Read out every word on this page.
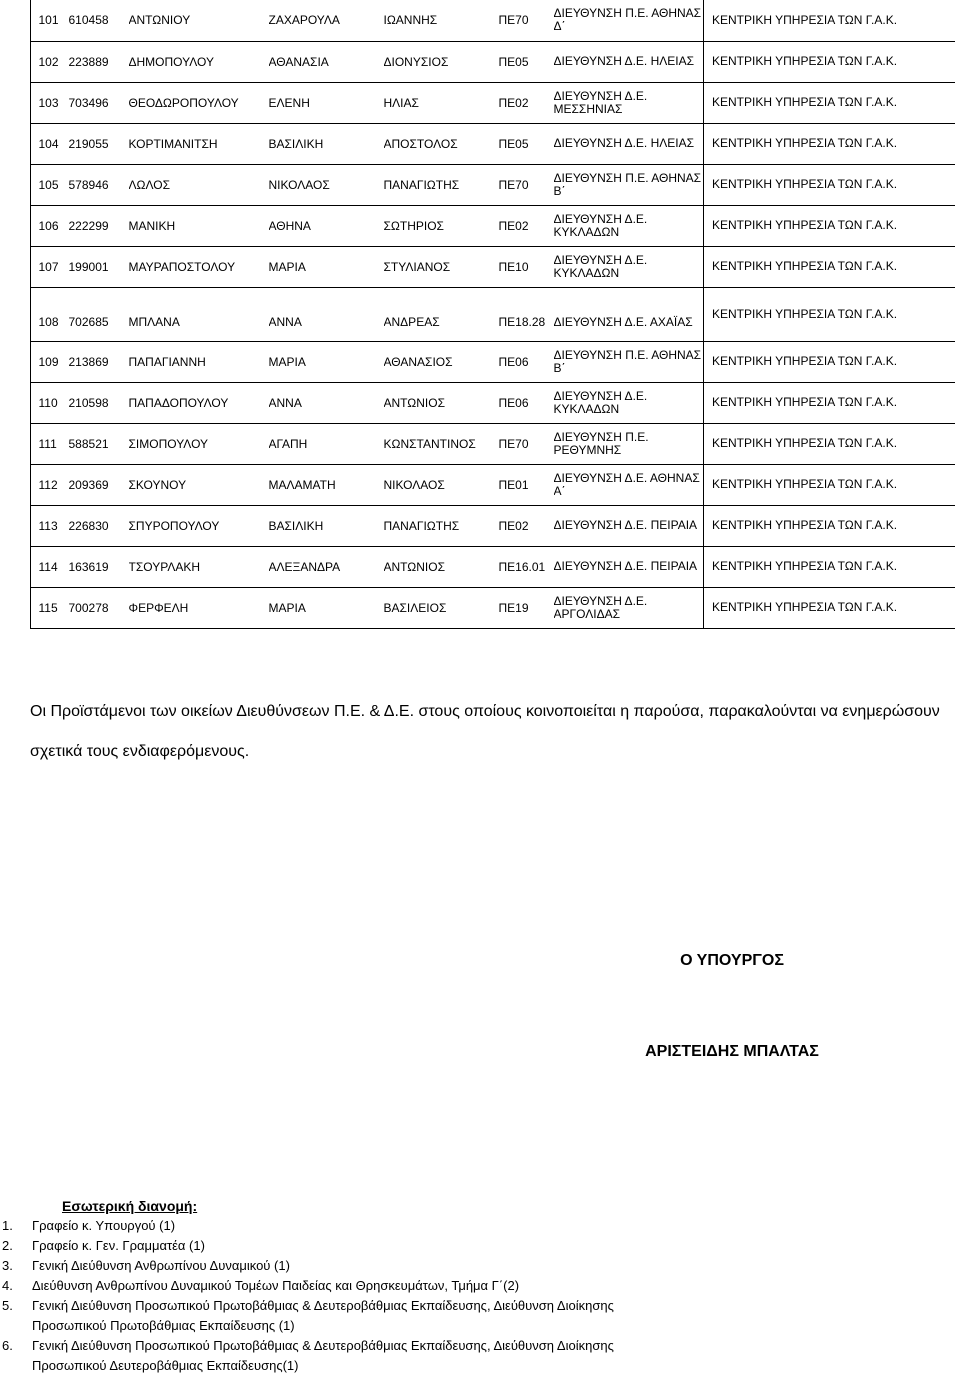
	101	610458	ΑΝΤΩΝΙΟΥ	ΖΑΧΑΡΟΥΛΑ	ΙΩΑΝΝΗΣ	ΠΕ70	ΔΙΕΥΘΥΝΣΗ Π.Ε. ΑΘΗΝΑΣ Δ΄	ΚΕΝΤΡΙΚΗ ΥΠΗΡΕΣΙΑ ΤΩΝ Γ.Α.Κ.
	102	223889	ΔΗΜΟΠΟΥΛΟΥ	ΑΘΑΝΑΣΙΑ	ΔΙΟΝΥΣΙΟΣ	ΠΕ05	ΔΙΕΥΘΥΝΣΗ Δ.Ε. ΗΛΕΙΑΣ	ΚΕΝΤΡΙΚΗ ΥΠΗΡΕΣΙΑ ΤΩΝ Γ.Α.Κ.
	103	703496	ΘΕΟΔΩΡΟΠΟΥΛΟΥ	ΕΛΕΝΗ	ΗΛΙΑΣ	ΠΕ02	ΔΙΕΥΘΥΝΣΗ Δ.Ε. ΜΕΣΣΗΝΙΑΣ	ΚΕΝΤΡΙΚΗ ΥΠΗΡΕΣΙΑ ΤΩΝ Γ.Α.Κ.
	104	219055	ΚΟΡΤΙΜΑΝΙΤΣΗ	ΒΑΣΙΛΙΚΗ	ΑΠΟΣΤΟΛΟΣ	ΠΕ05	ΔΙΕΥΘΥΝΣΗ Δ.Ε. ΗΛΕΙΑΣ	ΚΕΝΤΡΙΚΗ ΥΠΗΡΕΣΙΑ ΤΩΝ Γ.Α.Κ.
	105	578946	ΛΩΛΟΣ	ΝΙΚΟΛΑΟΣ	ΠΑΝΑΓΙΩΤΗΣ	ΠΕ70	ΔΙΕΥΘΥΝΣΗ Π.Ε. ΑΘΗΝΑΣ Β΄	ΚΕΝΤΡΙΚΗ ΥΠΗΡΕΣΙΑ ΤΩΝ Γ.Α.Κ.
	106	222299	ΜΑΝΙΚΗ	ΑΘΗΝΑ	ΣΩΤΗΡΙΟΣ	ΠΕ02	ΔΙΕΥΘΥΝΣΗ Δ.Ε. ΚΥΚΛΑΔΩΝ	ΚΕΝΤΡΙΚΗ ΥΠΗΡΕΣΙΑ ΤΩΝ Γ.Α.Κ.
	107	199001	ΜΑΥΡΑΠΟΣΤΟΛΟΥ	ΜΑΡΙΑ	ΣΤΥΛΙΑΝΟΣ	ΠΕ10	ΔΙΕΥΘΥΝΣΗ Δ.Ε. ΚΥΚΛΑΔΩΝ	ΚΕΝΤΡΙΚΗ ΥΠΗΡΕΣΙΑ ΤΩΝ Γ.Α.Κ.
	108	702685	ΜΠΛΑΝΑ	ΑΝΝΑ	ΑΝΔΡΕΑΣ	ΠΕ18.28	ΔΙΕΥΘΥΝΣΗ Δ.Ε. ΑΧΑΪΑΣ	ΚΕΝΤΡΙΚΗ ΥΠΗΡΕΣΙΑ ΤΩΝ Γ.Α.Κ.
	109	213869	ΠΑΠΑΓΙΑΝΝΗ	ΜΑΡΙΑ	ΑΘΑΝΑΣΙΟΣ	ΠΕ06	ΔΙΕΥΘΥΝΣΗ Π.Ε. ΑΘΗΝΑΣ Β΄	ΚΕΝΤΡΙΚΗ ΥΠΗΡΕΣΙΑ ΤΩΝ Γ.Α.Κ.
	110	210598	ΠΑΠΑΔΟΠΟΥΛΟΥ	ΑΝΝΑ	ΑΝΤΩΝΙΟΣ	ΠΕ06	ΔΙΕΥΘΥΝΣΗ Δ.Ε. ΚΥΚΛΑΔΩΝ	ΚΕΝΤΡΙΚΗ ΥΠΗΡΕΣΙΑ ΤΩΝ Γ.Α.Κ.
	111	588521	ΣΙΜΟΠΟΥΛΟΥ	ΑΓΑΠΗ	ΚΩΝΣΤΑΝΤΙΝΟΣ	ΠΕ70	ΔΙΕΥΘΥΝΣΗ Π.Ε. ΡΕΘΥΜΝΗΣ	ΚΕΝΤΡΙΚΗ ΥΠΗΡΕΣΙΑ ΤΩΝ Γ.Α.Κ.
	112	209369	ΣΚΟΥΝΟΥ	ΜΑΛΑΜΑΤΗ	ΝΙΚΟΛΑΟΣ	ΠΕ01	ΔΙΕΥΘΥΝΣΗ Δ.Ε. ΑΘΗΝΑΣ Α΄	ΚΕΝΤΡΙΚΗ ΥΠΗΡΕΣΙΑ ΤΩΝ Γ.Α.Κ.
	113	226830	ΣΠΥΡΟΠΟΥΛΟΥ	ΒΑΣΙΛΙΚΗ	ΠΑΝΑΓΙΩΤΗΣ	ΠΕ02	ΔΙΕΥΘΥΝΣΗ Δ.Ε. ΠΕΙΡΑΙΑ	ΚΕΝΤΡΙΚΗ ΥΠΗΡΕΣΙΑ ΤΩΝ Γ.Α.Κ.
	114	163619	ΤΣΟΥΡΛΑΚΗ	ΑΛΕΞΑΝΔΡΑ	ΑΝΤΩΝΙΟΣ	ΠΕ16.01	ΔΙΕΥΘΥΝΣΗ Δ.Ε. ΠΕΙΡΑΙΑ	ΚΕΝΤΡΙΚΗ ΥΠΗΡΕΣΙΑ ΤΩΝ Γ.Α.Κ.
	115	700278	ΦΕΡΦΕΛΗ	ΜΑΡΙΑ	ΒΑΣΙΛΕΙΟΣ	ΠΕ19	ΔΙΕΥΘΥΝΣΗ Δ.Ε. ΑΡΓΟΛΙΔΑΣ	ΚΕΝΤΡΙΚΗ ΥΠΗΡΕΣΙΑ ΤΩΝ Γ.Α.Κ.
Οι Προϊστάμενοι των οικείων Διευθύνσεων Π.Ε. & Δ.Ε. στους οποίους κοινοποιείται η παρούσα, παρακαλούνται να ενημερώσουν σχετικά τους ενδιαφερόμενους.
Ο ΥΠΟΥΡΓΟΣ
ΑΡΙΣΤΕΙΔΗΣ ΜΠΑΛΤΑΣ
Εσωτερική διανομή:
1. Γραφείο κ. Υπουργού (1)
2. Γραφείο κ. Γεν. Γραμματέα (1)
3. Γενική Διεύθυνση Ανθρωπίνου Δυναμικού (1)
4. Διεύθυνση Ανθρωπίνου Δυναμικού Τομέων Παιδείας και Θρησκευμάτων, Τμήμα Γ΄(2)
5. Γενική Διεύθυνση Προσωπικού Πρωτοβάθμιας & Δευτεροβάθμιας Εκπαίδευσης, Διεύθυνση Διοίκησης Προσωπικού Πρωτοβάθμιας Εκπαίδευσης (1)
6. Γενική Διεύθυνση Προσωπικού Πρωτοβάθμιας & Δευτεροβάθμιας Εκπαίδευσης, Διεύθυνση Διοίκησης Προσωπικού Δευτεροβάθμιας Εκπαίδευσης(1)
